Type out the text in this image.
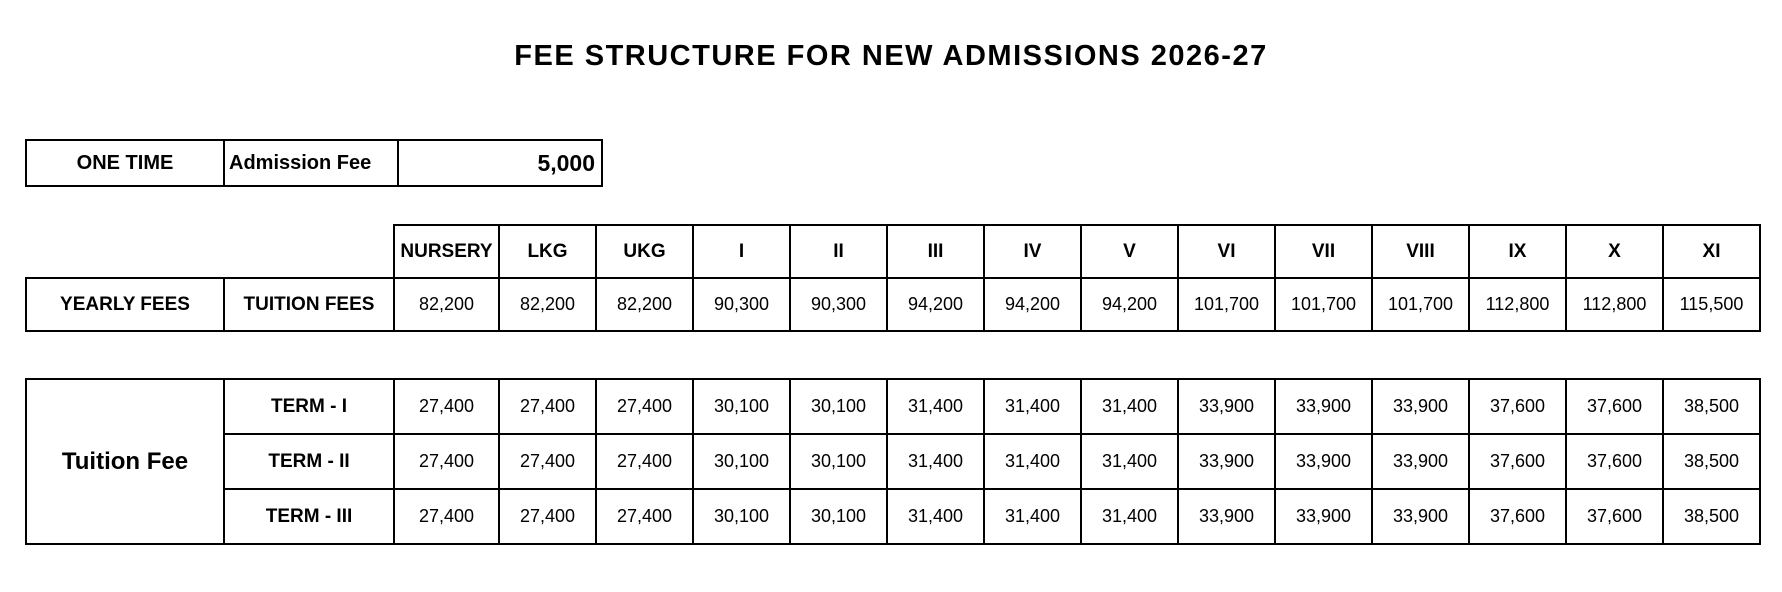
FEE STRUCTURE FOR NEW ADMISSIONS 2026-27
ONE TIME	Admission Fee	5,000
		NURSERY	LKG	UKG	I	II	III	IV	V	VI	VII	VIII	IX	X	XI
YEARLY FEES	TUITION FEES	82,200	82,200	82,200	90,300	90,300	94,200	94,200	94,200	101,700	101,700	101,700	112,800	112,800	115,500
Tuition Fee	TERM - I	27,400	27,400	27,400	30,100	30,100	31,400	31,400	31,400	33,900	33,900	33,900	37,600	37,600	38,500
	TERM - II	27,400	27,400	27,400	30,100	30,100	31,400	31,400	31,400	33,900	33,900	33,900	37,600	37,600	38,500
	TERM - III	27,400	27,400	27,400	30,100	30,100	31,400	31,400	31,400	33,900	33,900	33,900	37,600	37,600	38,500
